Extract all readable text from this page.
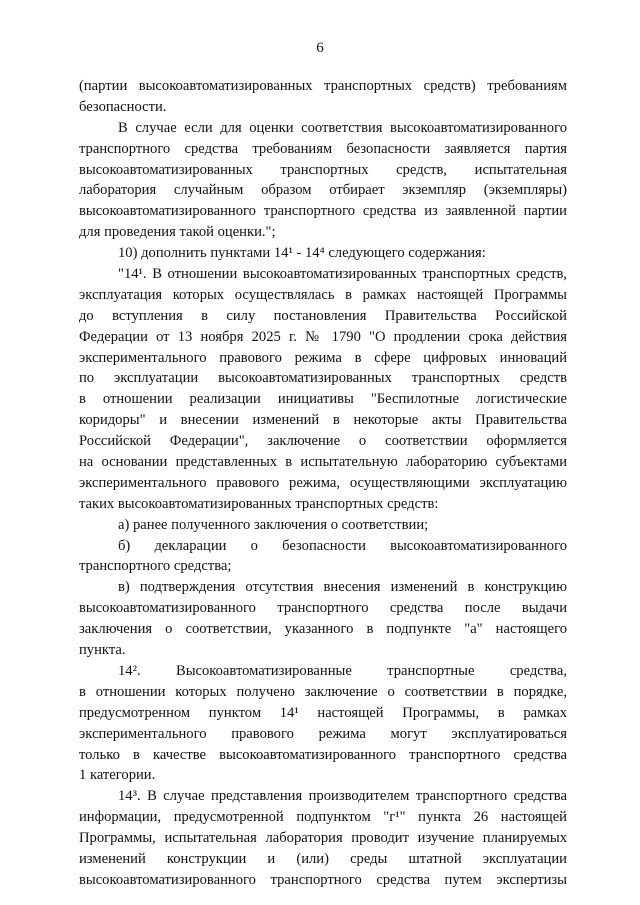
6
(партии высокоавтоматизированных транспортных средств) требованиям
безопасности.
В случае если для оценки соответствия высокоавтоматизированного
транспортного средства требованиям безопасности заявляется партия
высокоавтоматизированных транспортных средств, испытательная
лаборатория случайным образом отбирает экземпляр (экземпляры)
высокоавтоматизированного транспортного средства из заявленной партии
для проведения такой оценки.";
10) дополнить пунктами 14¹ - 14⁴ следующего содержания:
"14¹. В отношении высокоавтоматизированных транспортных средств,
эксплуатация которых осуществлялась в рамках настоящей Программы
до вступления в силу постановления Правительства Российской
Федерации от 13 ноября 2025 г. № 1790 "О продлении срока действия
экспериментального правового режима в сфере цифровых инноваций
по эксплуатации высокоавтоматизированных транспортных средств
в отношении реализации инициативы "Беспилотные логистические
коридоры" и внесении изменений в некоторые акты Правительства
Российской Федерации", заключение о соответствии оформляется
на основании представленных в испытательную лабораторию субъектами
экспериментального правового режима, осуществляющими эксплуатацию
таких высокоавтоматизированных транспортных средств:
а) ранее полученного заключения о соответствии;
б) декларации о безопасности высокоавтоматизированного
транспортного средства;
в) подтверждения отсутствия внесения изменений в конструкцию
высокоавтоматизированного транспортного средства после выдачи
заключения о соответствии, указанного в подпункте "а" настоящего
пункта.
14². Высокоавтоматизированные транспортные средства,
в отношении которых получено заключение о соответствии в порядке,
предусмотренном пунктом 14¹ настоящей Программы, в рамках
экспериментального правового режима могут эксплуатироваться
только в качестве высокоавтоматизированного транспортного средства
1 категории.
14³. В случае представления производителем транспортного средства
информации, предусмотренной подпунктом "г¹" пункта 26 настоящей
Программы, испытательная лаборатория проводит изучение планируемых
изменений конструкции и (или) среды штатной эксплуатации
высокоавтоматизированного транспортного средства путем экспертизы
